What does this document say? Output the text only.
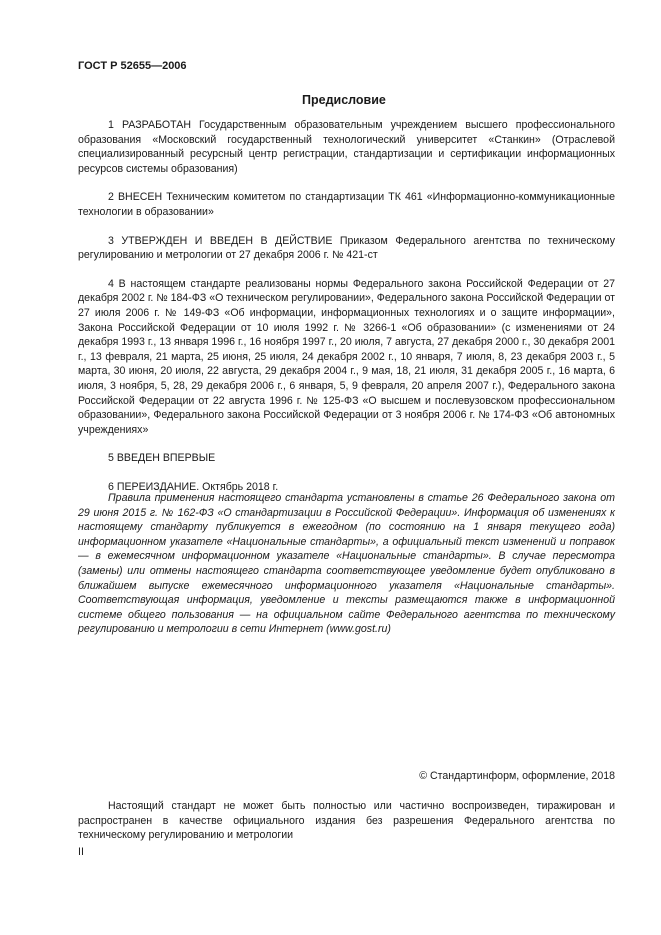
ГОСТ Р 52655—2006
Предисловие

1 РАЗРАБОТАН Государственным образовательным учреждением высшего профессионального образования «Московский государственный технологический университет «Станкин» (Отраслевой специализированный ресурсный центр регистрации, стандартизации и сертификации информационных ресурсов системы образования)

2 ВНЕСЕН Техническим комитетом по стандартизации ТК 461 «Информационно-коммуникационные технологии в образовании»

3 УТВЕРЖДЕН И ВВЕДЕН В ДЕЙСТВИЕ Приказом Федерального агентства по техническому регулированию и метрологии от 27 декабря 2006 г. № 421-ст

4 В настоящем стандарте реализованы нормы Федерального закона Российской Федерации от 27 декабря 2002 г. № 184-ФЗ «О техническом регулировании», Федерального закона Российской Федерации от 27 июля 2006 г. № 149-ФЗ «Об информации, информационных технологиях и о защите информации», Закона Российской Федерации от 10 июля 1992 г. № 3266-1 «Об образовании» (с изменениями от 24 декабря 1993 г., 13 января 1996 г., 16 ноября 1997 г., 20 июля, 7 августа, 27 декабря 2000 г., 30 декабря 2001 г., 13 февраля, 21 марта, 25 июня, 25 июля, 24 декабря 2002 г., 10 января, 7 июля, 8, 23 декабря 2003 г., 5 марта, 30 июня, 20 июля, 22 августа, 29 декабря 2004 г., 9 мая, 18, 21 июля, 31 декабря 2005 г., 16 марта, 6 июля, 3 ноября, 5, 28, 29 декабря 2006 г., 6 января, 5, 9 февраля, 20 апреля 2007 г.), Федерального закона Российской Федерации от 22 августа 1996 г. № 125-ФЗ «О высшем и послевузовском профессиональном образовании», Федерального закона Российской Федерации от 3 ноября 2006 г. № 174-ФЗ «Об автономных учреждениях»

5 ВВЕДЕН ВПЕРВЫЕ

6 ПЕРЕИЗДАНИЕ. Октябрь 2018 г.

Правила применения настоящего стандарта установлены в статье 26 Федерального закона от 29 июня 2015 г. № 162-ФЗ «О стандартизации в Российской Федерации». Информация об изменениях к настоящему стандарту публикуется в ежегодном (по состоянию на 1 января текущего года) информационном указателе «Национальные стандарты», а официальный текст изменений и поправок — в ежемесячном информационном указателе «Национальные стандарты». В случае пересмотра (замены) или отмены настоящего стандарта соответствующее уведомление будет опубликовано в ближайшем выпуске ежемесячного информационного указателя «Национальные стандарты». Соответствующая информация, уведомление и тексты размещаются также в информационной системе общего пользования — на официальном сайте Федерального агентства по техническому регулированию и метрологии в сети Интернет (www.gost.ru)

© Стандартинформ, оформление, 2018

Настоящий стандарт не может быть полностью или частично воспроизведен, тиражирован и распространен в качестве официального издания без разрешения Федерального агентства по техническому регулированию и метрологии

II
